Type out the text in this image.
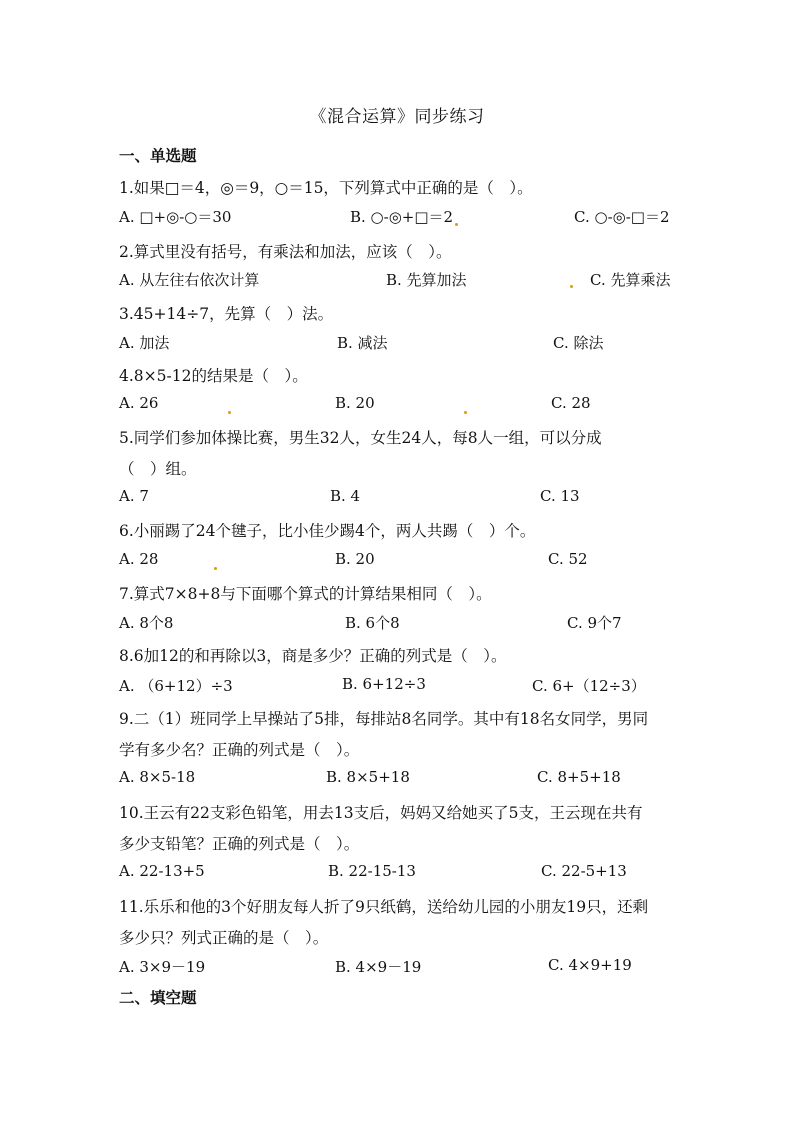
《混合运算》同步练习
一、单选题
1.如果□＝4，◎＝9，○＝15，下列算式中正确的是（　）。
A. □+◎-○＝30	B. ○-◎+□＝2	C. ○-◎-□＝2
2.算式里没有括号，有乘法和加法，应该（　）。
A. 从左往右依次计算	B. 先算加法	C. 先算乘法
3.45+14÷7，先算（　）法。
A. 加法	B. 减法	C. 除法
4.8×5-12的结果是（　）。
A. 26	B. 20	C. 28
5.同学们参加体操比赛，男生32人，女生24人，每8人一组，可以分成
（　）组。
A. 7	B. 4	C. 13
6.小丽踢了24个毽子，比小佳少踢4个，两人共踢（　）个。
A. 28	B. 20	C. 52
7.算式7×8+8与下面哪个算式的计算结果相同（　）。
A. 8个8	B. 6个8	C. 9个7
8.6加12的和再除以3，商是多少？正确的列式是（　）。
A. （6+12）÷3	B. 6+12÷3	C. 6+（12÷3）
9.二（1）班同学上早操站了5排，每排站8名同学。其中有18名女同学，男同
学有多少名？正确的列式是（　）。
A. 8×5-18	B. 8×5+18	C. 8+5+18
10.王云有22支彩色铅笔，用去13支后，妈妈又给她买了5支，王云现在共有
多少支铅笔？正确的列式是（　）。
A. 22-13+5	B. 22-15-13	C. 22-5+13
11.乐乐和他的3个好朋友每人折了9只纸鹤，送给幼儿园的小朋友19只，还剩
多少只？列式正确的是（　）。
A. 3×9－19	B. 4×9－19	C. 4×9+19
二、填空题
